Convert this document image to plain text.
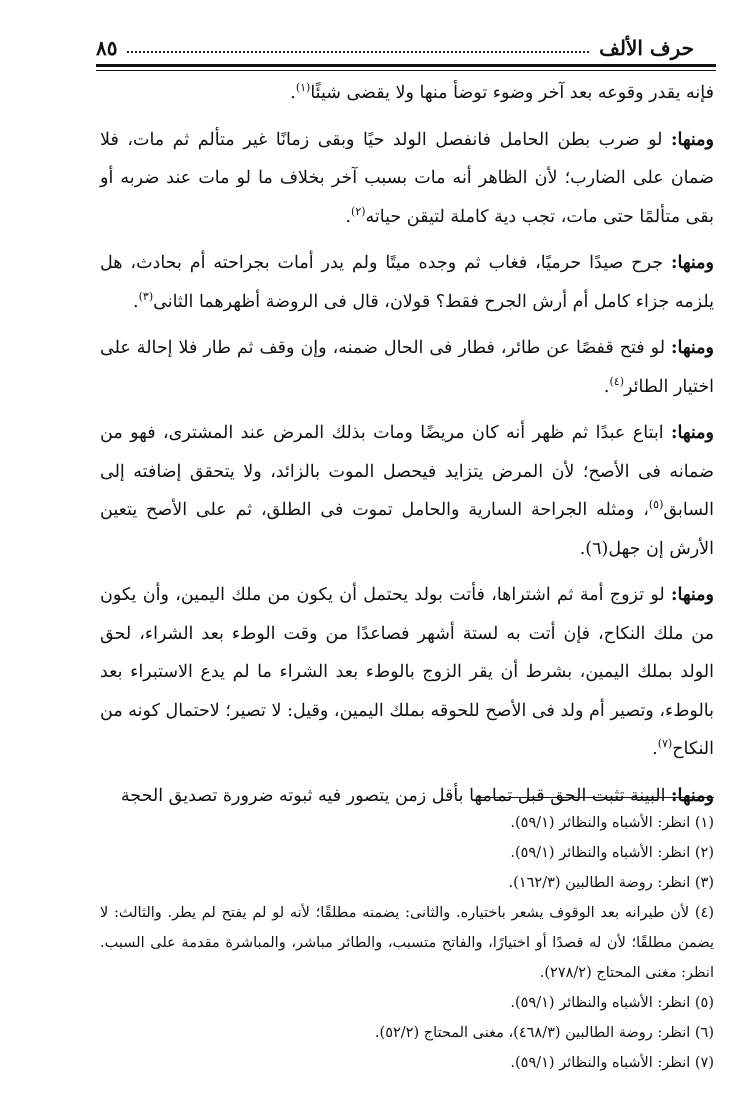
حرف الألف
٨٥

فإنه يقدر وقوعه بعد آخر وضوء توضأ منها ولا يقضى شيئًا$^{(١)}$.

ومنها: لو ضرب بطن الحامل فانفصل الولد حيًا وبقى زمانًا غير متألم ثم مات، فلا ضمان على الضارب؛ لأن الظاهر أنه مات بسبب آخر بخلاف ما لو مات عند ضربه أو بقى متألمًا حتى مات، تجب دية كاملة لتيقن حياته$^{(٢)}$.

ومنها: جرح صيدًا حرميًا، فغاب ثم وجده ميتًا ولم يدر أمات بجراحته أم بحادث، هل يلزمه جزاء كامل أم أرش الجرح فقط؟ قولان، قال فى الروضة أظهرهما الثانى$^{(٣)}$.

ومنها: لو فتح قفصًا عن طائر، فطار فى الحال ضمنه، وإن وقف ثم طار فلا إحالة على اختيار الطائر$^{(٤)}$.

ومنها: ابتاع عبدًا ثم ظهر أنه كان مريضًا ومات بذلك المرض عند المشترى، فهو من ضمانه فى الأصح؛ لأن المرض يتزايد فيحصل الموت بالزائد، ولا يتحقق إضافته إلى السابق$^{(٥)}$، ومثله الجراحة السارية والحامل تموت فى الطلق، ثم على الأصح يتعين الأرش إن جهل(٦).

ومنها: لو تزوج أمة ثم اشتراها، فأتت بولد يحتمل أن يكون من ملك اليمين، وأن يكون من ملك النكاح، فإن أتت به لستة أشهر فصاعدًا من وقت الوطء بعد الشراء، لحق الولد بملك اليمين، بشرط أن يقر الزوج بالوطء بعد الشراء ما لم يدع الاستبراء بعد بالوطء، وتصير أم ولد فى الأصح للحوقه بملك اليمين، وقيل: لا تصير؛ لاحتمال كونه من النكاح$^{(٧)}$.

ومنها: البينة تثبت الحق قبل تمامها بأقل زمن يتصور فيه ثبوته ضرورة تصديق الحجة

(١) انظر: الأشباه والنظائر (٥٩/١).
(٢) انظر: الأشباه والنظائر (٥٩/١).
(٣) انظر: روضة الطالبين (١٦٢/٣).
(٤) لأن طيرانه بعد الوقوف يشعر باختياره. والثانى: يضمنه مطلقًا؛ لأنه لو لم يفتح لم يطر. والثالث: لا يضمن مطلقًا؛ لأن له قصدًا أو اختيارًا، والفاتح متسبب، والطائر مباشر، والمباشرة مقدمة على السبب. انظر: مغنى المحتاج (٢٧٨/٢).
(٥) انظر: الأشباه والنظائر (٥٩/١).
(٦) انظر: روضة الطالبين (٤٦٨/٣)، مغنى المحتاج (٥٢/٢).
(٧) انظر: الأشباه والنظائر (٥٩/١).
